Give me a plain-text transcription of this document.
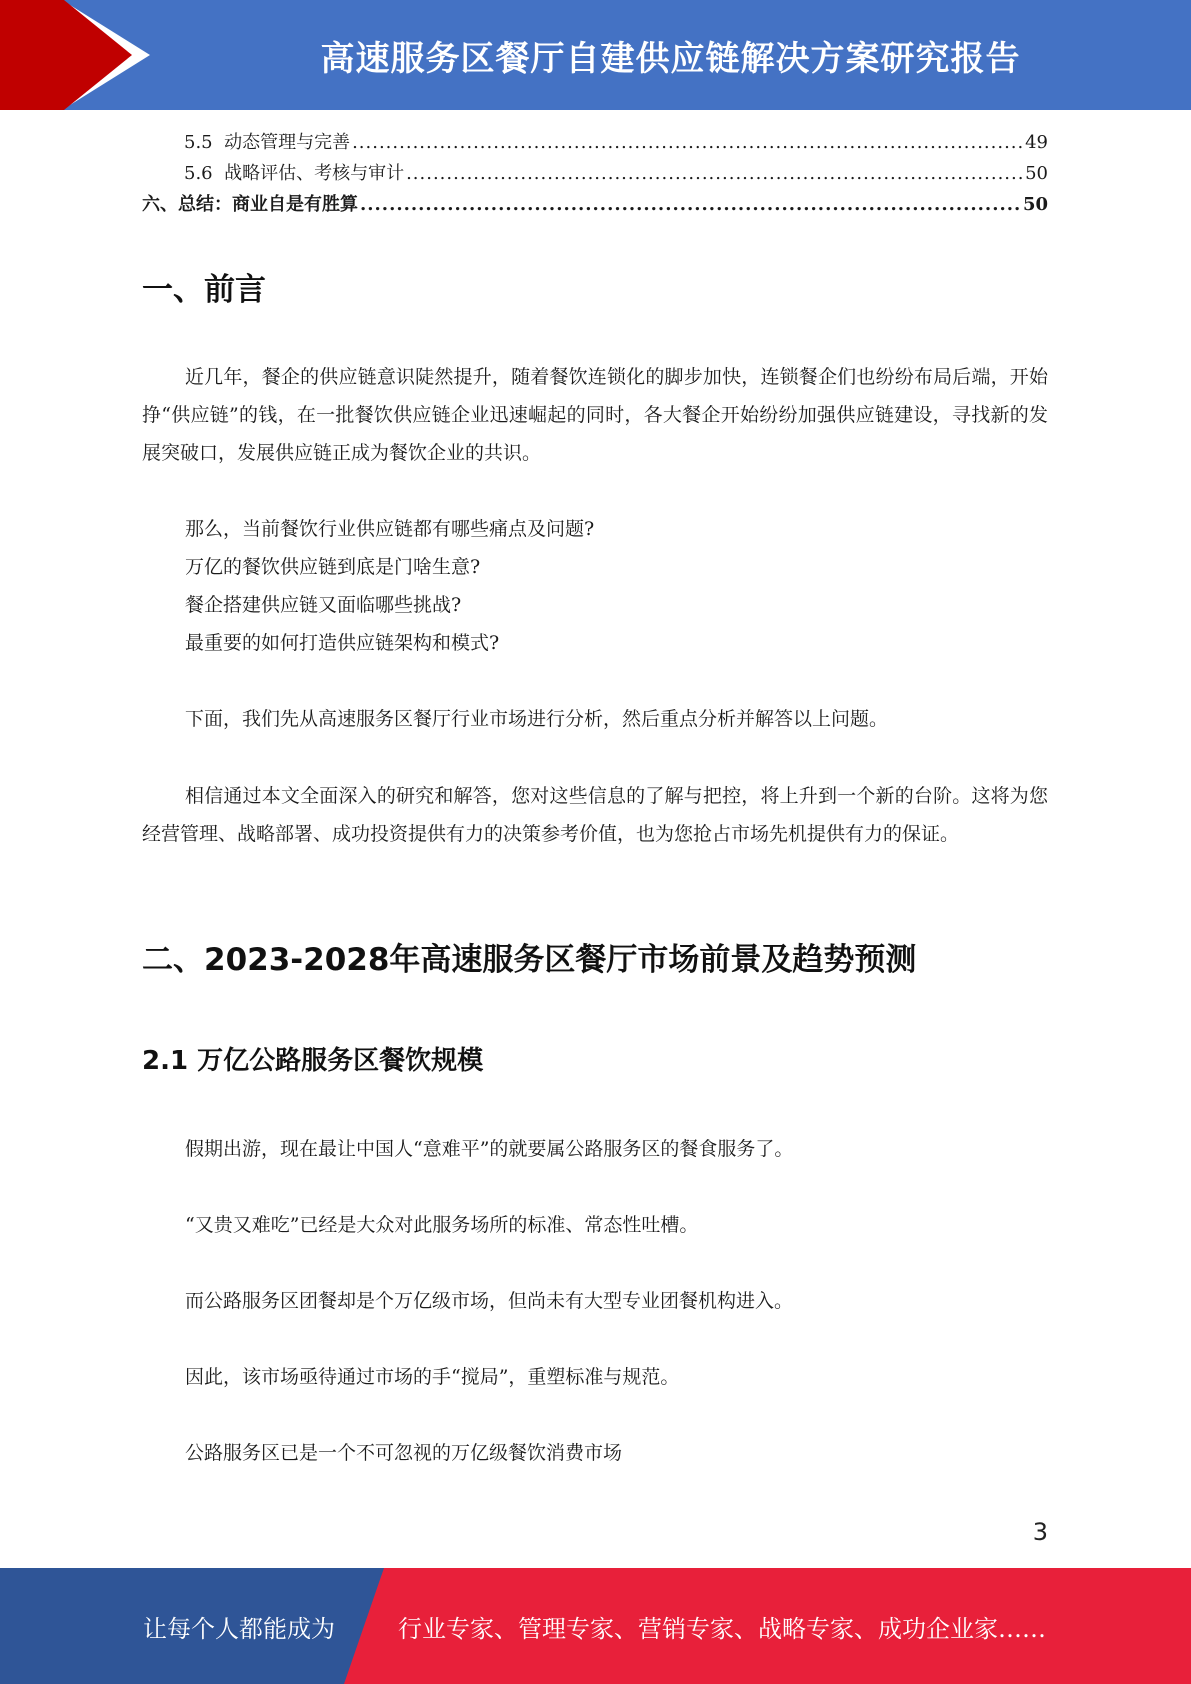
高速服务区餐厅自建供应链解决方案研究报告
5.5 动态管理与完善 .....	49
5.6 战略评估、考核与审计 .....	50
六、总结：商业自是有胜算 .....	50
一、前言

近几年，餐企的供应链意识陡然提升，随着餐饮连锁化的脚步加快，连锁餐企们也纷纷布局后端，开始挣“供应链”的钱，在一批餐饮供应链企业迅速崛起的同时，各大餐企开始纷纷加强供应链建设，寻找新的发展突破口，发展供应链正成为餐饮企业的共识。

那么，当前餐饮行业供应链都有哪些痛点及问题?

万亿的餐饮供应链到底是门啥生意?

餐企搭建供应链又面临哪些挑战?

最重要的如何打造供应链架构和模式?

下面，我们先从高速服务区餐厅行业市场进行分析，然后重点分析并解答以上问题。

相信通过本文全面深入的研究和解答，您对这些信息的了解与把控，将上升到一个新的台阶。这将为您经营管理、战略部署、成功投资提供有力的决策参考价值，也为您抢占市场先机提供有力的保证。

二、2023-2028年高速服务区餐厅市场前景及趋势预测
2.1 万亿公路服务区餐饮规模

假期出游，现在最让中国人“意难平”的就要属公路服务区的餐食服务了。

“又贵又难吃”已经是大众对此服务场所的标准、常态性吐槽。

而公路服务区团餐却是个万亿级市场，但尚未有大型专业团餐机构进入。

因此，该市场亟待通过市场的手“搅局”，重塑标准与规范。

公路服务区已是一个不可忽视的万亿级餐饮消费市场

3
让每个人都能成为	行业专家、管理专家、营销专家、战略专家、成功企业家……
